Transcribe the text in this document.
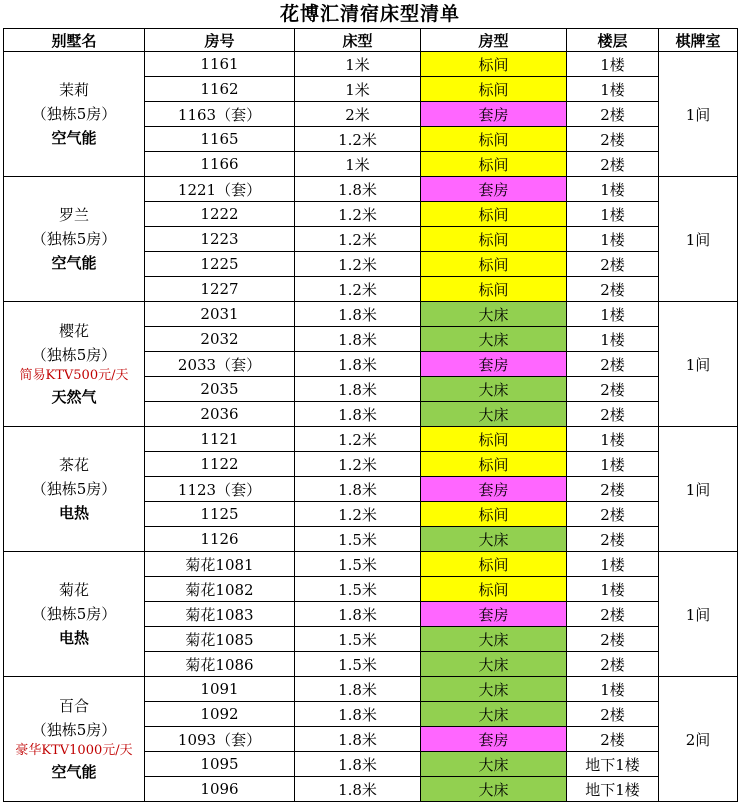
花博汇清宿床型清单
别墅名	房号	床型	房型	楼层	棋牌室

茉莉
（独栋5房）
空气能	1161	1米	标间	1楼	1间
	1162	1米	标间	1楼	
	1163（套）	2米	套房	2楼	
	1165	1.2米	标间	2楼	
	1166	1米	标间	2楼	

罗兰
（独栋5房）
空气能	1221（套）	1.8米	套房	1楼	1间
	1222	1.2米	标间	1楼	
	1223	1.2米	标间	1楼	
	1225	1.2米	标间	2楼	
	1227	1.2米	标间	2楼	

樱花
（独栋5房）
简易KTV500元/天
天然气	2031	1.8米	大床	1楼	1间
	2032	1.8米	大床	1楼	
	2033（套）	1.8米	套房	2楼	
	2035	1.8米	大床	2楼	
	2036	1.8米	大床	2楼	

茶花
（独栋5房）
电热	1121	1.2米	标间	1楼	1间
	1122	1.2米	标间	1楼	
	1123（套）	1.8米	套房	2楼	
	1125	1.2米	标间	2楼	
	1126	1.5米	大床	2楼	

菊花
（独栋5房）
电热	菊花1081	1.5米	标间	1楼	1间
	菊花1082	1.5米	标间	1楼	
	菊花1083	1.8米	套房	2楼	
	菊花1085	1.5米	大床	2楼	
	菊花1086	1.5米	大床	2楼	

百合
（独栋5房）
豪华KTV1000元/天
空气能	1091	1.8米	大床	1楼	2间
	1092	1.8米	大床	2楼	
	1093（套）	1.8米	套房	2楼	
	1095	1.8米	大床	地下1楼	
	1096	1.8米	大床	地下1楼	
